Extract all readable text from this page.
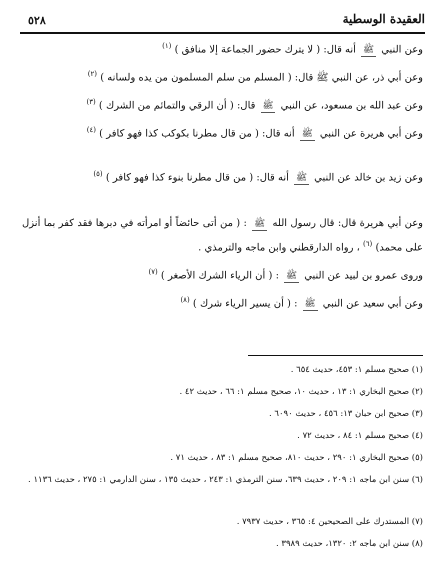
٥٢٨	العقيدة الوسطية
وعن النبي ﷺ أنه قال: ( لا يترك حضور الجماعة إلا منافق ) $^{(١)}$
وعن أبي ذر، عن النبي ﷺ قال: ( المسلم من سلم المسلمون من يده ولسانه ) $^{(٢)}$
وعن عبد الله بن مسعود، عن النبي ﷺ قال: ( أن الرقي والتمائم من الشرك ) $^{(٣)}$
وعن أبي هريرة عن النبي ﷺ أنه قال: ( من قال مطرنا بكوكب كذا فهو كافر ) $^{(٤)}$
وعن زيد بن خالد عن النبي ﷺ أنه قال: ( من قال مطرنا بنوء كذا فهو كافر ) $^{(٥)}$
وعن أبي هريرة قال: قال رسول الله ﷺ : ( من أتى حائضاً أو امرأته في دبرها فقد كفر بما أنزل على محمد) $^{(٦)}$ ، رواه الدارقطني وابن ماجه والترمذي .
وروى عمرو بن لبيد عن النبي ﷺ : ( أن الرياء الشرك الأصغر ) $^{(٧)}$
وعن أبي سعيد عن النبي ﷺ : ( أن يسير الرياء شرك ) $^{(٨)}$
(١) صحيح مسلم ١: ٤٥٣، حديث ٦٥٤ .
(٢) صحيح البخاري ١: ١٣ ، حديث ١٠، صحيح مسلم ١: ٦٦ ، حديث ٤٢ .
(٣) صحيح ابن حبان ١٣: ٤٥٦ ، حديث ٦٠٩٠ .
(٤) صحيح مسلم ١: ٨٤ ، حديث ٧٢ .
(٥) صحيح البخاري ١: ٢٩٠ ، حديث ٨١٠، صحيح مسلم ١: ٨٣ ، حديث ٧١ .
(٦) سنن ابن ماجه ١: ٢٠٩ ، حديث ٦٣٩، سنن الترمذي ١: ٢٤٣ ، حديث ١٣٥ ، سنن الدارمي ١: ٢٧٥ ، حديث ١١٣٦ .
(٧) المستدرك على الصحيحين ٤: ٣٦٥ ، حديث ٧٩٣٧ .
(٨) سنن ابن ماجه ٢: ١٣٢٠، حديث ٣٩٨٩ .
